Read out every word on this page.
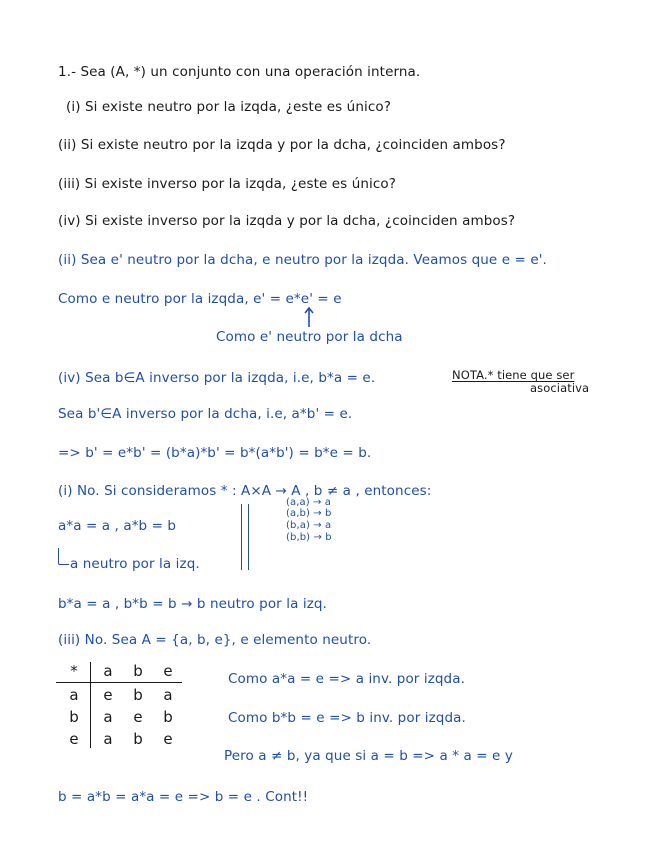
1.- Sea (A, *) un conjunto con una operación interna.
(i) Si existe neutro por la izqda, ¿este es único?
(ii) Si existe neutro por la izqda y por la dcha, ¿coinciden ambos?
(iii) Si existe inverso por la izqda, ¿este es único?
(iv) Si existe inverso por la izqda y por la dcha, ¿coinciden ambos?
(ii) Sea e' neutro por la dcha, e neutro por la izqda. Veamos que e = e'.
Como e neutro por la izqda, e' = e*e' = e
Como e' neutro por la dcha
(iv) Sea b∈A inverso por la izqda, i.e, b*a = e.	NOTA.* tiene que ser
asociativa
Sea b'∈A inverso por la dcha, i.e, a*b' = e.
=> b' = e*b' = (b*a)*b' = b*(a*b') = b*e = b.
(i) No. Si consideramos * : A×A → A , b ≠ a , entonces:
(a,a) → a
(a,b) → b
(b,a) → a
(b,b) → b
a*a = a , a*b = b
a neutro por la izq.
b*a = a , b*b = b → b neutro por la izq.
(iii) No. Sea A = {a, b, e}, e elemento neutro.
*	a	b	e
a	e	b	a
b	a	e	b
e	a	b	e
Como a*a = e => a inv. por izqda.
Como b*b = e => b inv. por izqda.
Pero a ≠ b, ya que si a = b => a * a = e y
b = a*b = a*a = e => b = e . Cont!!
